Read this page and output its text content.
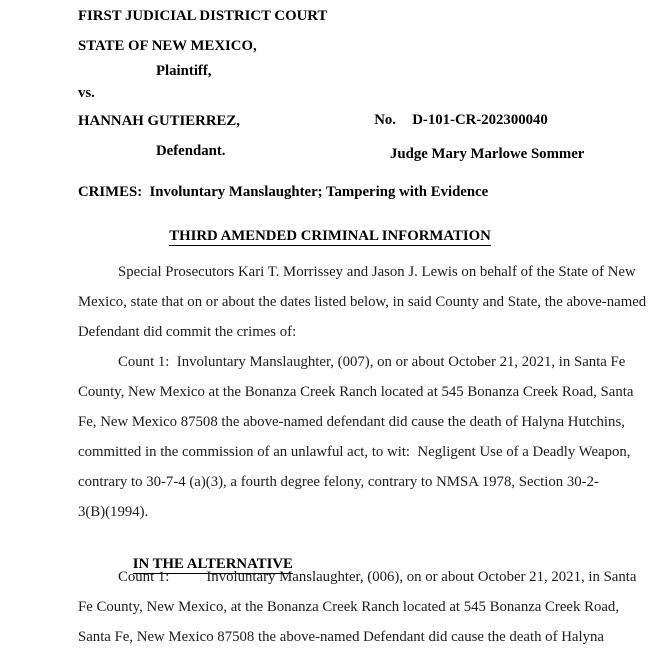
FIRST JUDICIAL DISTRICT COURT
STATE OF NEW MEXICO,
Plaintiff,
vs.

No. D-101-CR-202300040

Judge Mary Marlowe Sommer
HANNAH GUTIERREZ,
Defendant.
CRIMES:  Involuntary Manslaughter; Tampering with Evidence
THIRD AMENDED CRIMINAL INFORMATION
Special Prosecutors Kari T. Morrissey and Jason J. Lewis on behalf of the State of New
Mexico, state that on or about the dates listed below, in said County and State, the above-named
Defendant did commit the crimes of:
Count 1:  Involuntary Manslaughter, (007), on or about October 21, 2021, in Santa Fe
County, New Mexico at the Bonanza Creek Ranch located at 545 Bonanza Creek Road, Santa
Fe, New Mexico 87508 the above-named defendant did cause the death of Halyna Hutchins,
committed in the commission of an unlawful act, to wit:  Negligent Use of a Deadly Weapon,
contrary to 30-7-4 (a)(3), a fourth degree felony, contrary to NMSA 1978, Section 30-2-
3(B)(1994).

IN THE ALTERNATIVE

Count 1:          Involuntary Manslaughter, (006), on or about October 21, 2021, in Santa
Fe County, New Mexico, at the Bonanza Creek Ranch located at 545 Bonanza Creek Road,
Santa Fe, New Mexico 87508 the above-named Defendant did cause the death of Halyna
